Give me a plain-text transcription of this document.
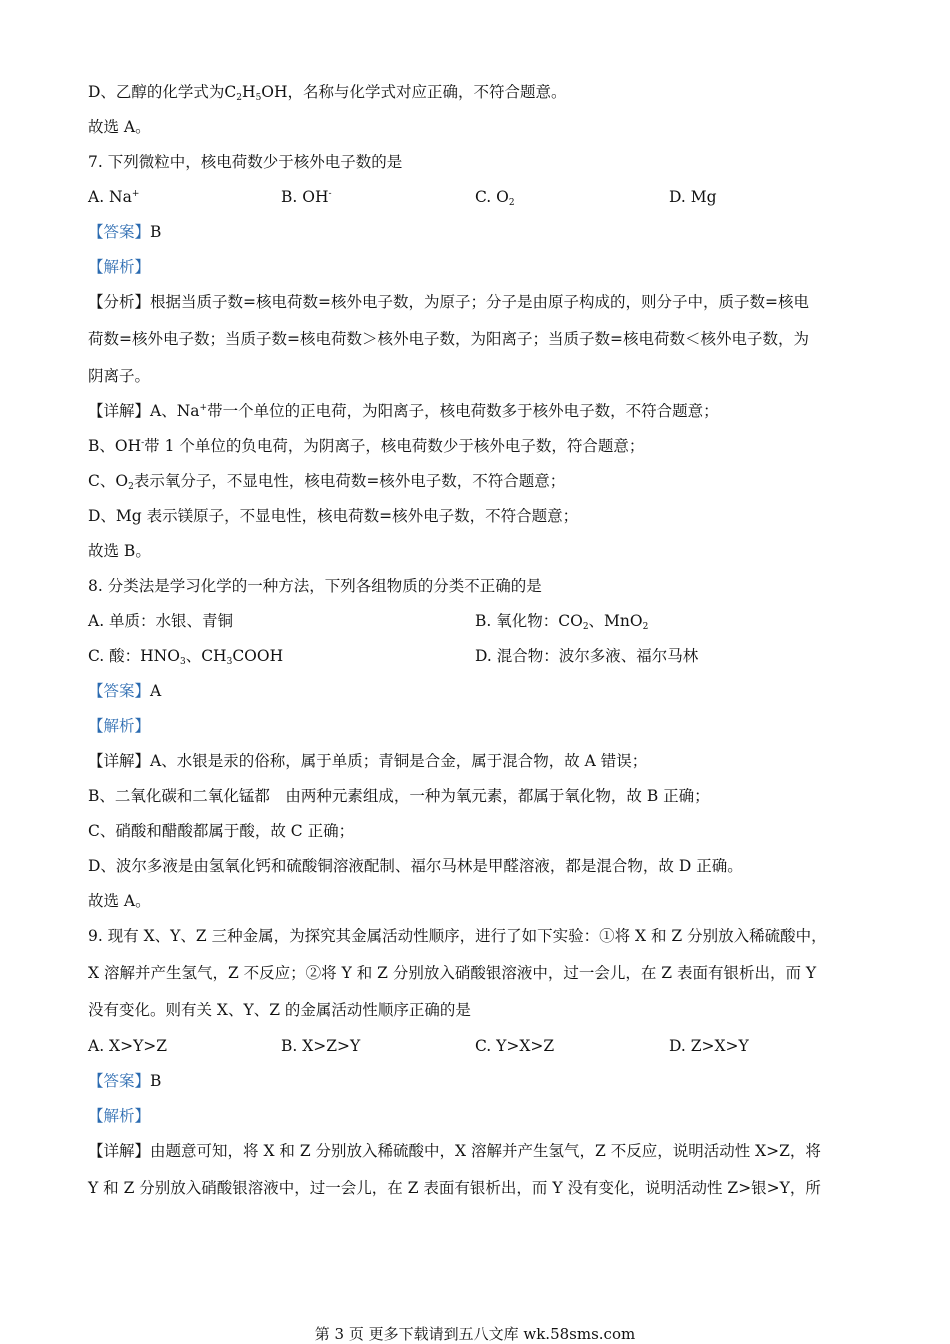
D、乙醇的化学式为$C_2H_5OH$，名称与化学式对应正确，不符合题意。
故选 A。
7. 下列微粒中，核电荷数少于核外电子数的是
A. Na+	B. OH-	C. $O_2$	D. Mg
【答案】B
【解析】
【分析】根据当质子数=核电荷数=核外电子数，为原子；分子是由原子构成的，则分子中，质子数=核电
荷数=核外电子数；当质子数=核电荷数＞核外电子数，为阳离子；当质子数=核电荷数＜核外电子数，为
阴离子。
【详解】A、Na+带一个单位的正电荷，为阳离子，核电荷数多于核外电子数，不符合题意；
B、OH-带 1 个单位的负电荷，为阴离子，核电荷数少于核外电子数，符合题意；
C、$O_2$表示氧分子，不显电性，核电荷数=核外电子数，不符合题意；
D、Mg 表示镁原子，不显电性，核电荷数=核外电子数，不符合题意；
故选 B。
8. 分类法是学习化学的一种方法，下列各组物质的分类不正确的是
A. 单质：水银、青铜	B. 氧化物：$CO_2$、MnO$_2$
C. 酸：$HNO_3$、$CH_3COOH$	D. 混合物：波尔多液、福尔马林
【答案】A
【解析】
【详解】A、水银是汞的俗称，属于单质；青铜是合金，属于混合物，故 A 错误；
B、二氧化碳和二氧化锰都　由两种元素组成，一种为氧元素，都属于氧化物，故 B 正确；
C、硝酸和醋酸都属于酸，故 C 正确；
D、波尔多液是由氢氧化钙和硫酸铜溶液配制、福尔马林是甲醛溶液，都是混合物，故 D 正确。
故选 A。
9. 现有 X、Y、Z 三种金属，为探究其金属活动性顺序，进行了如下实验：①将 X 和 Z 分别放入稀硫酸中，
X 溶解并产生氢气，Z 不反应；②将 Y 和 Z 分别放入硝酸银溶液中，过一会儿，在 Z 表面有银析出，而 Y
没有变化。则有关 X、Y、Z 的金属活动性顺序正确的是
A. X>Y>Z	B. X>Z>Y	C. Y>X>Z	D. Z>X>Y
【答案】B
【解析】
【详解】由题意可知，将 X 和 Z 分别放入稀硫酸中，X 溶解并产生氢气，Z 不反应，说明活动性 X>Z，将
Y 和 Z 分别放入硝酸银溶液中，过一会儿，在 Z 表面有银析出，而 Y 没有变化，说明活动性 Z>银>Y，所
第 3 页 更多下载请到五八文库 wk.58sms.com
